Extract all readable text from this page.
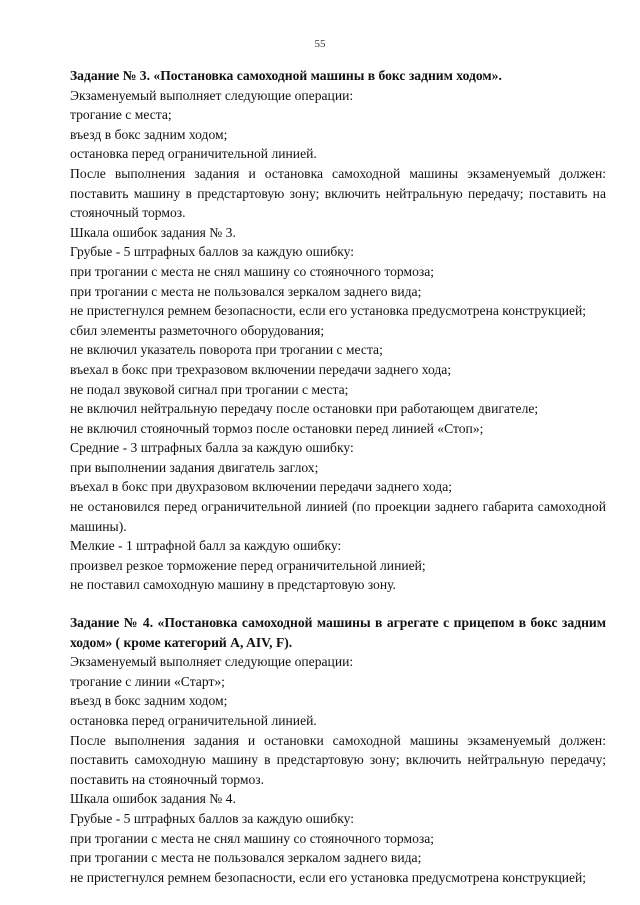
55

Задание № 3. «Постановка самоходной машины в бокс задним ходом».

Экзаменуемый выполняет следующие операции:

трогание с места;

въезд в бокс задним ходом;

остановка перед ограничительной линией.

После выполнения задания и остановка самоходной машины экзаменуемый должен: поставить машину в предстартовую зону; включить нейтральную передачу; поставить на стояночный тормоз.

Шкала ошибок задания № 3.

Грубые - 5 штрафных баллов за каждую ошибку:

при трогании с места не снял машину со стояночного тормоза;

при трогании с места не пользовался зеркалом заднего вида;

не пристегнулся ремнем безопасности, если его установка предусмотрена конструкцией;

сбил элементы разметочного оборудования;

не включил указатель поворота при трогании с места;

въехал в бокс при трехразовом включении передачи заднего хода;

не подал звуковой сигнал при трогании с места;

не включил нейтральную передачу после остановки при работающем двигателе;

не включил стояночный тормоз после остановки перед линией «Стоп»;

Средние - 3 штрафных балла за каждую ошибку:

при выполнении задания двигатель заглох;

въехал в бокс при двухразовом включении передачи заднего хода;

не остановился перед ограничительной линией (по проекции заднего габарита самоходной машины).

Мелкие - 1 штрафной балл за каждую ошибку:

произвел резкое торможение перед ограничительной линией;

не поставил самоходную машину в предстартовую зону.

Задание № 4. «Постановка самоходной машины в агрегате с прицепом в бокс задним ходом» ( кроме категорий A, AIV, F).

Экзаменуемый выполняет следующие операции:

трогание с линии «Старт»;

въезд в бокс задним ходом;

остановка перед ограничительной линией.

После выполнения задания и остановки самоходной машины экзаменуемый должен: поставить самоходную машину в предстартовую зону; включить нейтральную передачу; поставить на стояночный тормоз.

Шкала ошибок задания № 4.

Грубые - 5 штрафных баллов за каждую ошибку:

при трогании с места не снял машину со стояночного тормоза;

при трогании с места не пользовался зеркалом заднего вида;

не пристегнулся ремнем безопасности, если его установка предусмотрена конструкцией;
